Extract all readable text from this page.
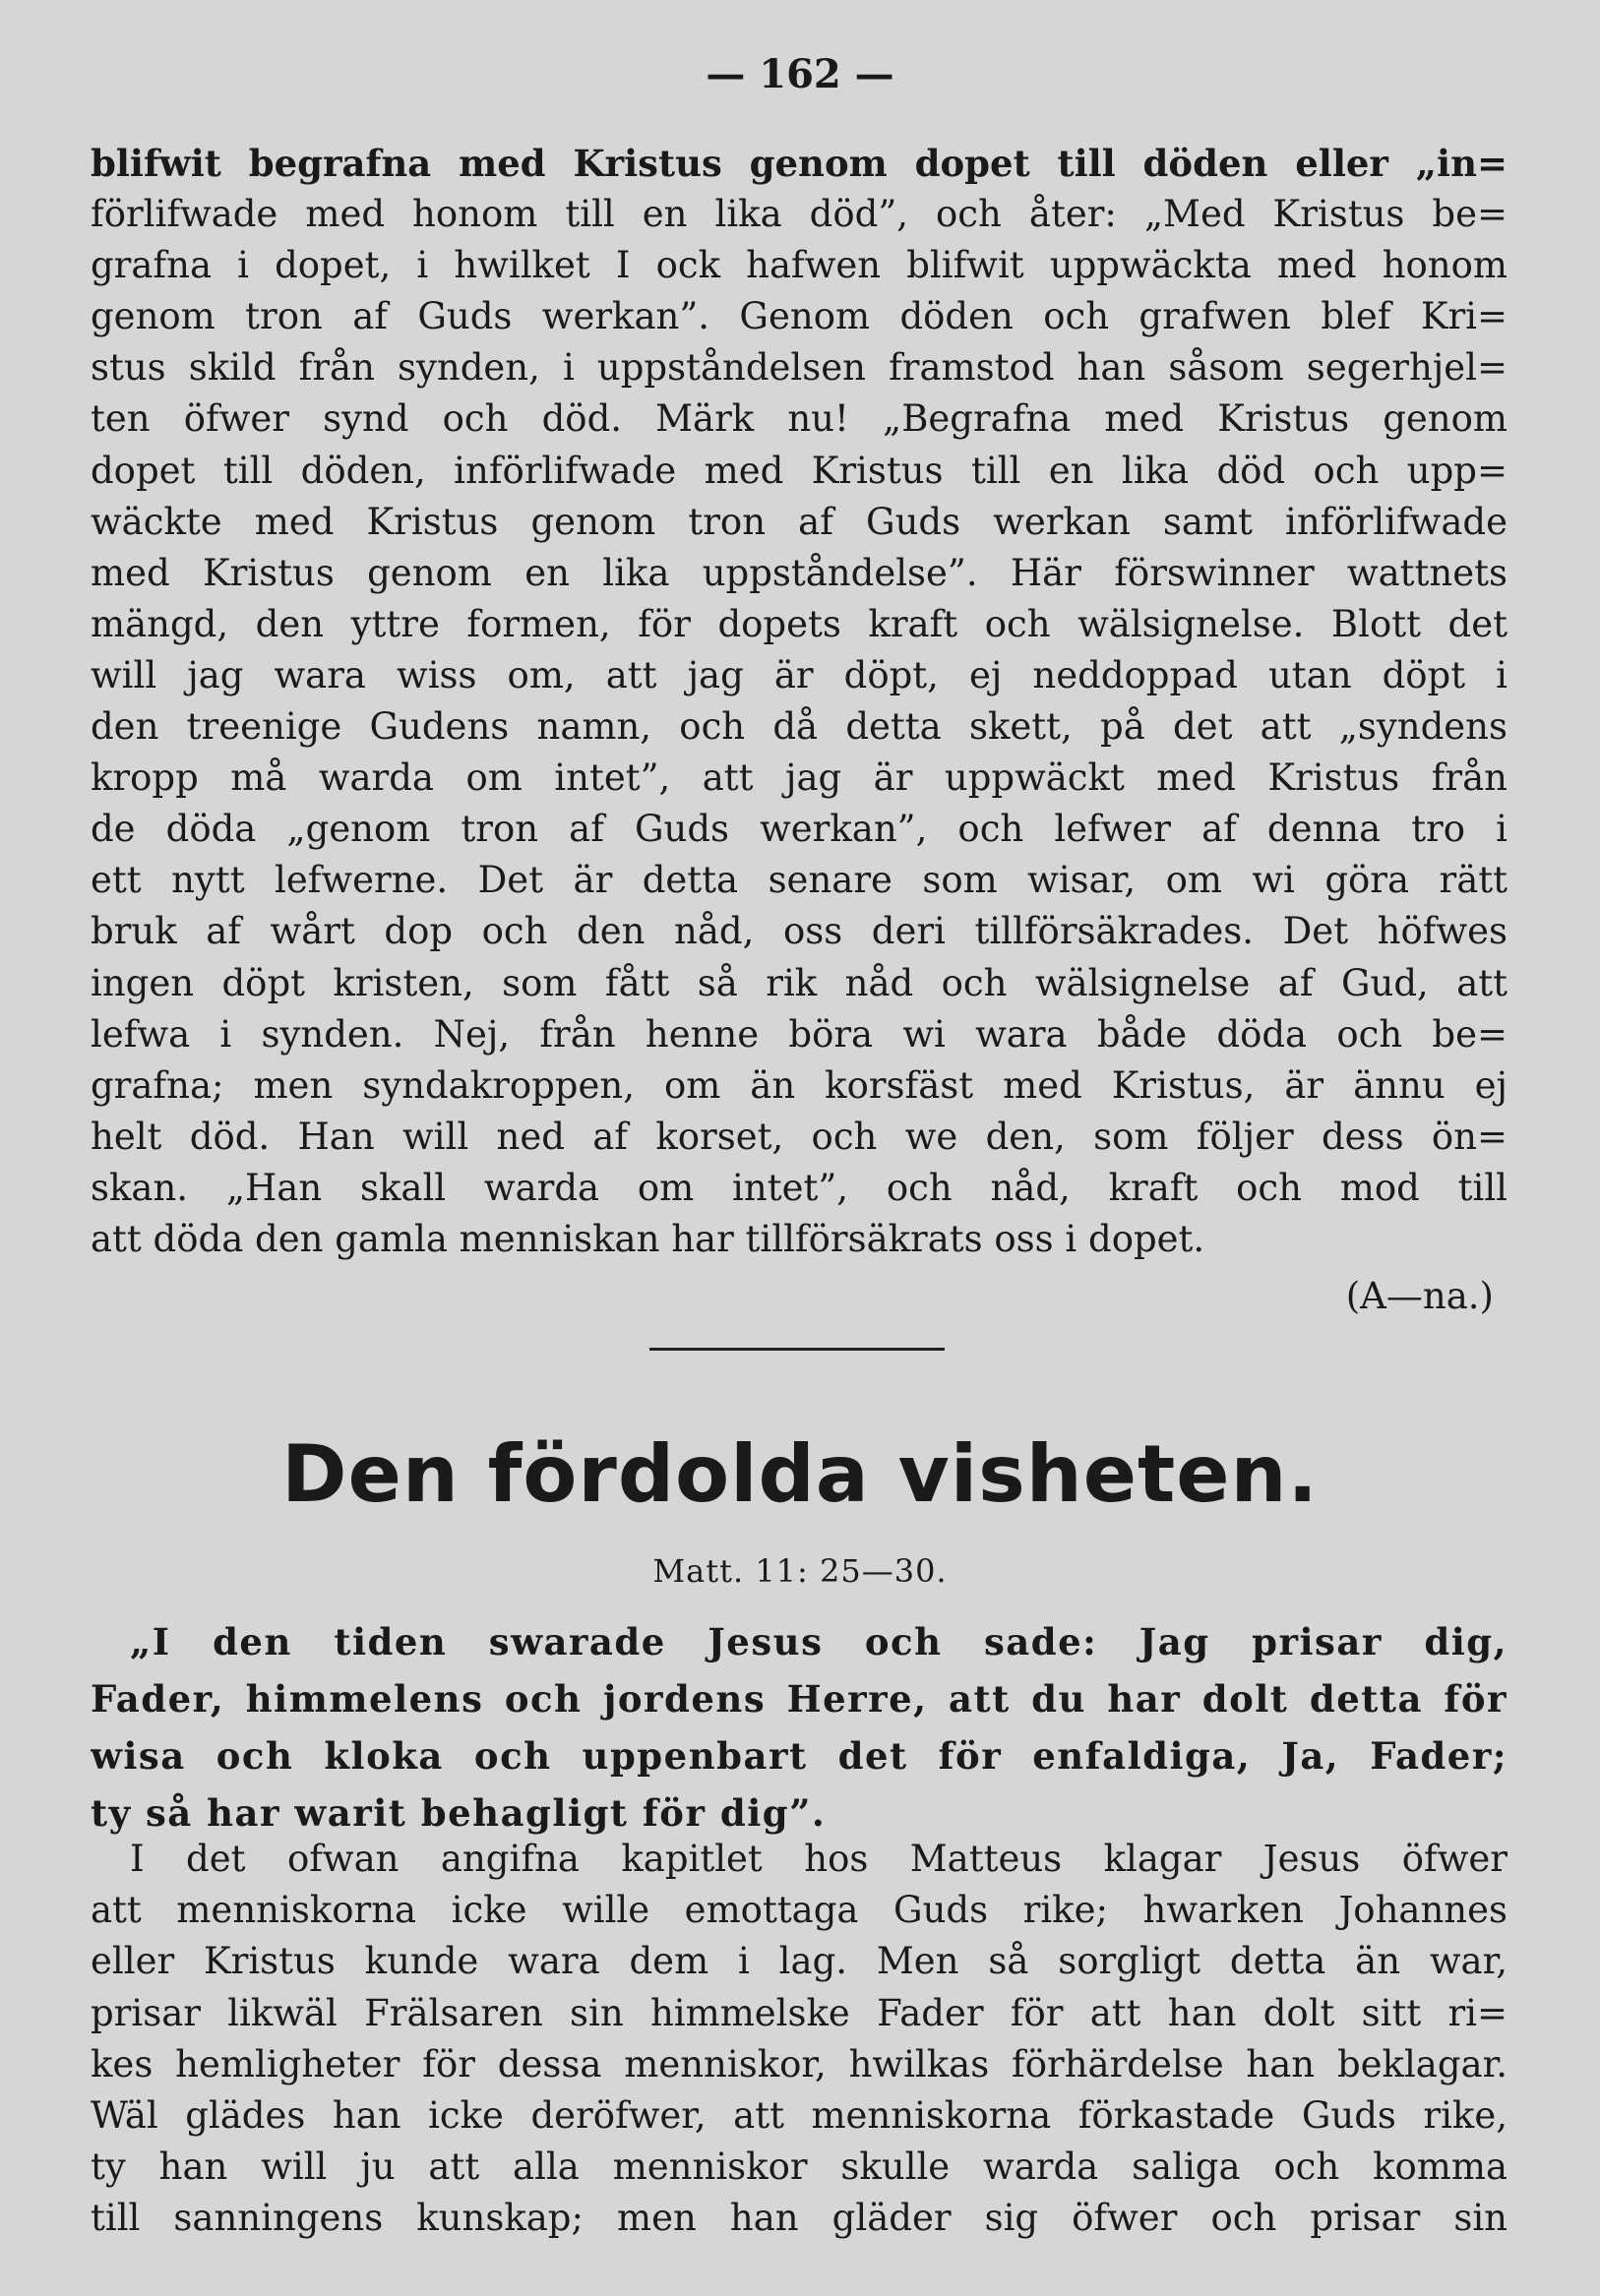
— 162 —

blifwit begrafna med Kristus genom dopet till döden eller „in=

förlifwade med honom till en lika död”, och åter: „Med Kristus be=

grafna i dopet, i hwilket I ock hafwen blifwit uppwäckta med honom

genom tron af Guds werkan”. Genom döden och grafwen blef Kri=

stus skild från synden, i uppståndelsen framstod han såsom segerhjel=

ten öfwer synd och död. Märk nu! „Begrafna med Kristus genom

dopet till döden, införlifwade med Kristus till en lika död och upp=

wäckte med Kristus genom tron af Guds werkan samt införlifwade

med Kristus genom en lika uppståndelse”. Här förswinner wattnets

mängd, den yttre formen, för dopets kraft och wälsignelse. Blott det

will jag wara wiss om, att jag är döpt, ej neddoppad utan döpt i

den treenige Gudens namn, och då detta skett, på det att „syndens

kropp må warda om intet”, att jag är uppwäckt med Kristus från

de döda „genom tron af Guds werkan”, och lefwer af denna tro i

ett nytt lefwerne. Det är detta senare som wisar, om wi göra rätt

bruk af wårt dop och den nåd, oss deri tillförsäkrades. Det höfwes

ingen döpt kristen, som fått så rik nåd och wälsignelse af Gud, att

lefwa i synden. Nej, från henne böra wi wara både döda och be=

grafna; men syndakroppen, om än korsfäst med Kristus, är ännu ej

helt död. Han will ned af korset, och we den, som följer dess ön=

skan. „Han skall warda om intet”, och nåd, kraft och mod till

att döda den gamla menniskan har tillförsäkrats oss i dopet.

(A—na.)
Den fördolda visheten.
Matt. 11: 25—30.

„I den tiden swarade Jesus och sade: Jag prisar dig,

Fader, himmelens och jordens Herre, att du har dolt detta för

wisa och kloka och uppenbart det för enfaldiga, Ja, Fader;

ty så har warit behagligt för dig”.

I det ofwan angifna kapitlet hos Matteus klagar Jesus öfwer

att menniskorna icke wille emottaga Guds rike; hwarken Johannes

eller Kristus kunde wara dem i lag. Men så sorgligt detta än war,

prisar likwäl Frälsaren sin himmelske Fader för att han dolt sitt ri=

kes hemligheter för dessa menniskor, hwilkas förhärdelse han beklagar.

Wäl glädes han icke deröfwer, att menniskorna förkastade Guds rike,

ty han will ju att alla menniskor skulle warda saliga och komma

till sanningens kunskap; men han gläder sig öfwer och prisar sin
